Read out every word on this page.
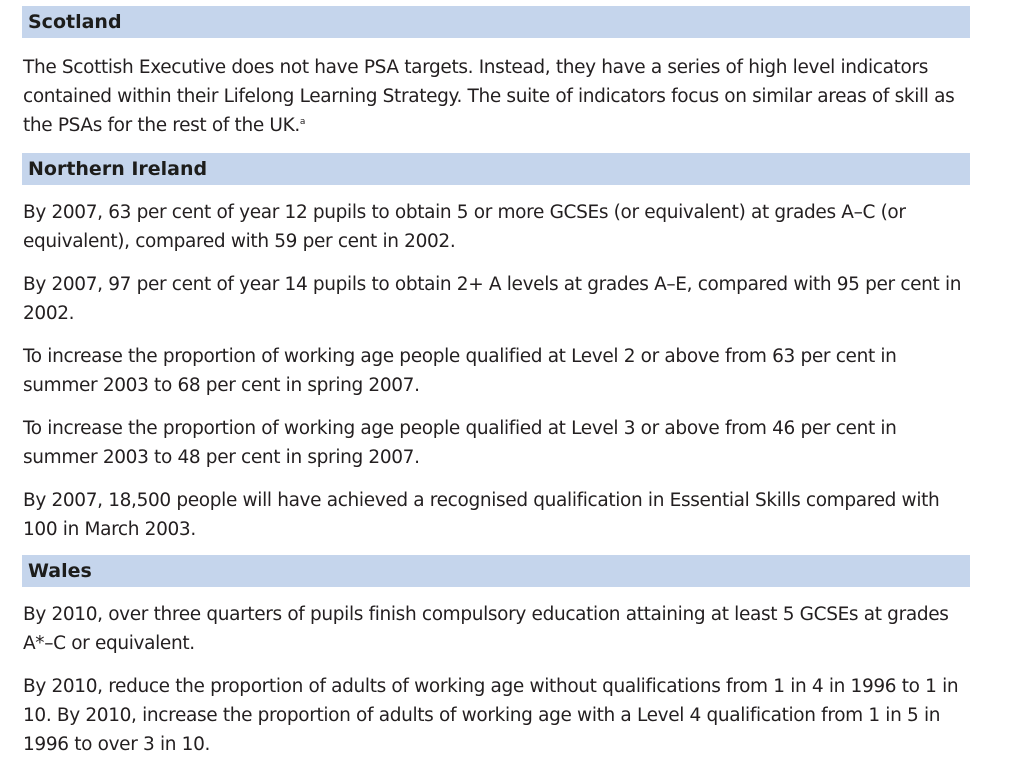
Scotland

The Scottish Executive does not have PSA targets. Instead, they have a series of high level indicators contained within their Lifelong Learning Strategy. The suite of indicators focus on similar areas of skill as the PSAs for the rest of the UK.$^a$

Northern Ireland

By 2007, 63 per cent of year 12 pupils to obtain 5 or more GCSEs (or equivalent) at grades A–C (or equivalent), compared with 59 per cent in 2002.

By 2007, 97 per cent of year 14 pupils to obtain 2+ A levels at grades A–E, compared with 95 per cent in 2002.

To increase the proportion of working age people qualified at Level 2 or above from 63 per cent in summer 2003 to 68 per cent in spring 2007.

To increase the proportion of working age people qualified at Level 3 or above from 46 per cent in summer 2003 to 48 per cent in spring 2007.

By 2007, 18,500 people will have achieved a recognised qualification in Essential Skills compared with 100 in March 2003.

Wales

By 2010, over three quarters of pupils finish compulsory education attaining at least 5 GCSEs at grades A*–C or equivalent.

By 2010, reduce the proportion of adults of working age without qualifications from 1 in 4 in 1996 to 1 in 10. By 2010, increase the proportion of adults of working age with a Level 4 qualification from 1 in 5 in 1996 to over 3 in 10.
